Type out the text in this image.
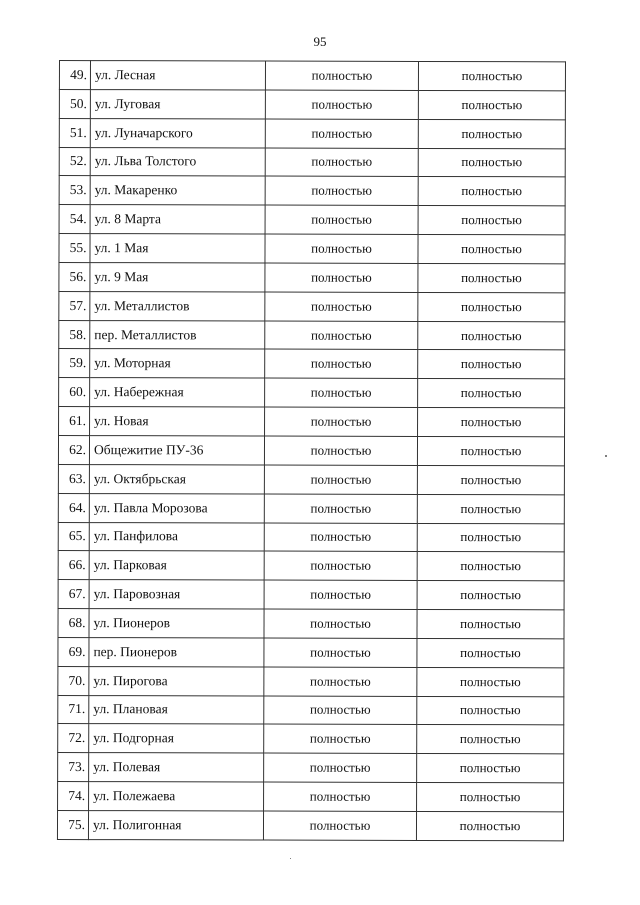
95
49.	ул. Лесная	полностью	полностью
50.	ул. Луговая	полностью	полностью
51.	ул. Луначарского	полностью	полностью
52.	ул. Льва Толстого	полностью	полностью
53.	ул. Макаренко	полностью	полностью
54.	ул. 8 Марта	полностью	полностью
55.	ул. 1 Мая	полностью	полностью
56.	ул. 9 Мая	полностью	полностью
57.	ул. Металлистов	полностью	полностью
58.	пер. Металлистов	полностью	полностью
59.	ул. Моторная	полностью	полностью
60.	ул. Набережная	полностью	полностью
61.	ул. Новая	полностью	полностью
62.	Общежитие ПУ-36	полностью	полностью
63.	ул. Октябрьская	полностью	полностью
64.	ул. Павла Морозова	полностью	полностью
65.	ул. Панфилова	полностью	полностью
66.	ул. Парковая	полностью	полностью
67.	ул. Паровозная	полностью	полностью
68.	ул. Пионеров	полностью	полностью
69.	пер. Пионеров	полностью	полностью
70.	ул. Пирогова	полностью	полностью
71.	ул. Плановая	полностью	полностью
72.	ул. Подгорная	полностью	полностью
73.	ул. Полевая	полностью	полностью
74.	ул. Полежаева	полностью	полностью
75.	ул. Полигонная	полностью	полностью
